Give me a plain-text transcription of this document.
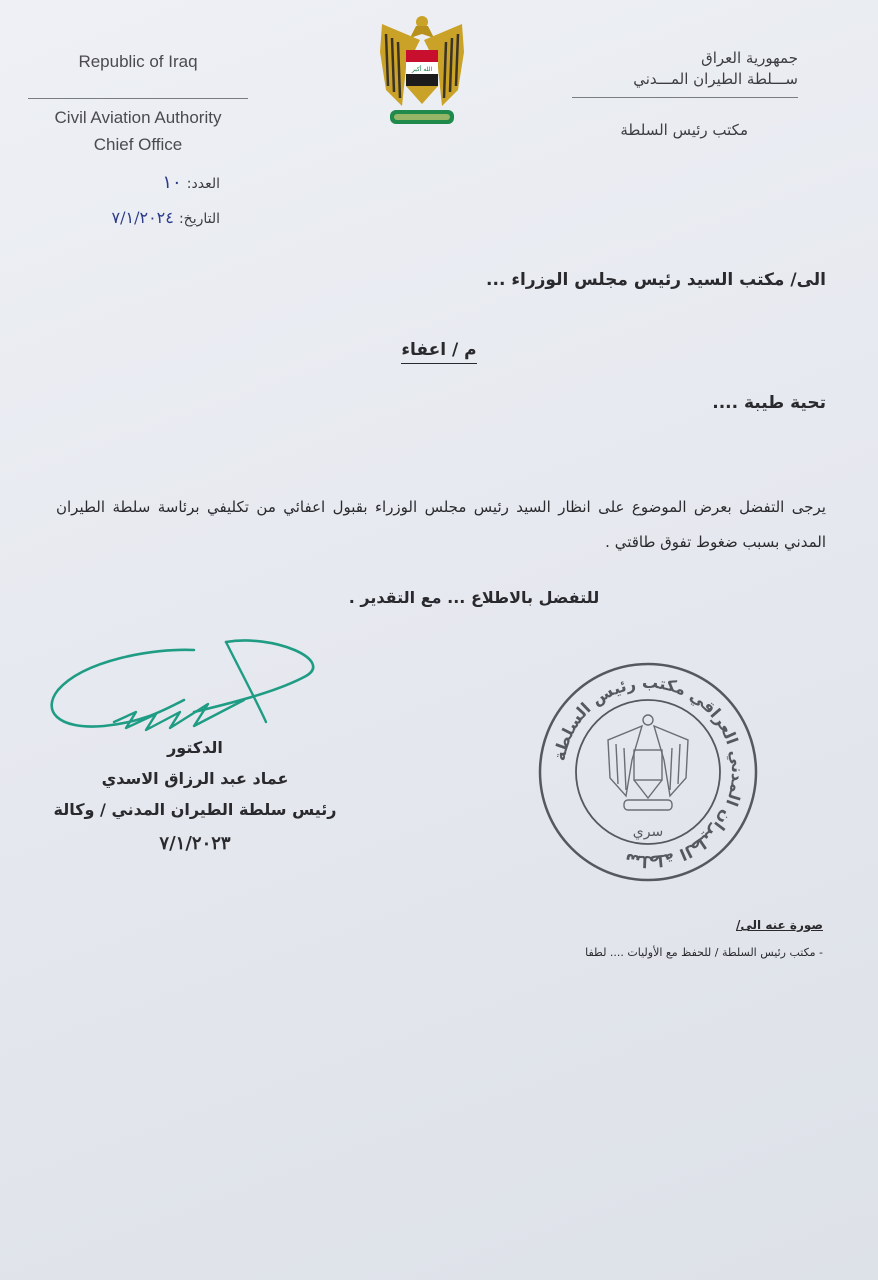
Republic of Iraq
Civil Aviation Authority
Chief Office
الله أكبر
جمهورية العراق
ســـلطة الطيران المـــدني
مكتب رئيس السلطة
العدد: ١٠
التاريخ: ٧/١/٢٠٢٤
الى/ مكتب السيد رئيس مجلس الوزراء ...
م / اعفاء
تحية طيبة ....
يرجى التفضل بعرض الموضوع على انظار السيد رئيس مجلس الوزراء بقبول اعفائي من تكليفي برئاسة سلطة الطيران المدني بسبب ضغوط تفوق طاقتي .
للتفضل بالاطلاع ... مع التقدير .
الدكتور
عماد عبد الرزاق الاسدي
رئيس سلطة الطيران المدني / وكالة
٧/١/٢٠٢٣
سلطة الطيران المدني العراقي مكتب رئيس السلطة
سري
صورة عنه الى/
- مكتب رئيس السلطة / للحفظ مع الأوليات .... لطفا
